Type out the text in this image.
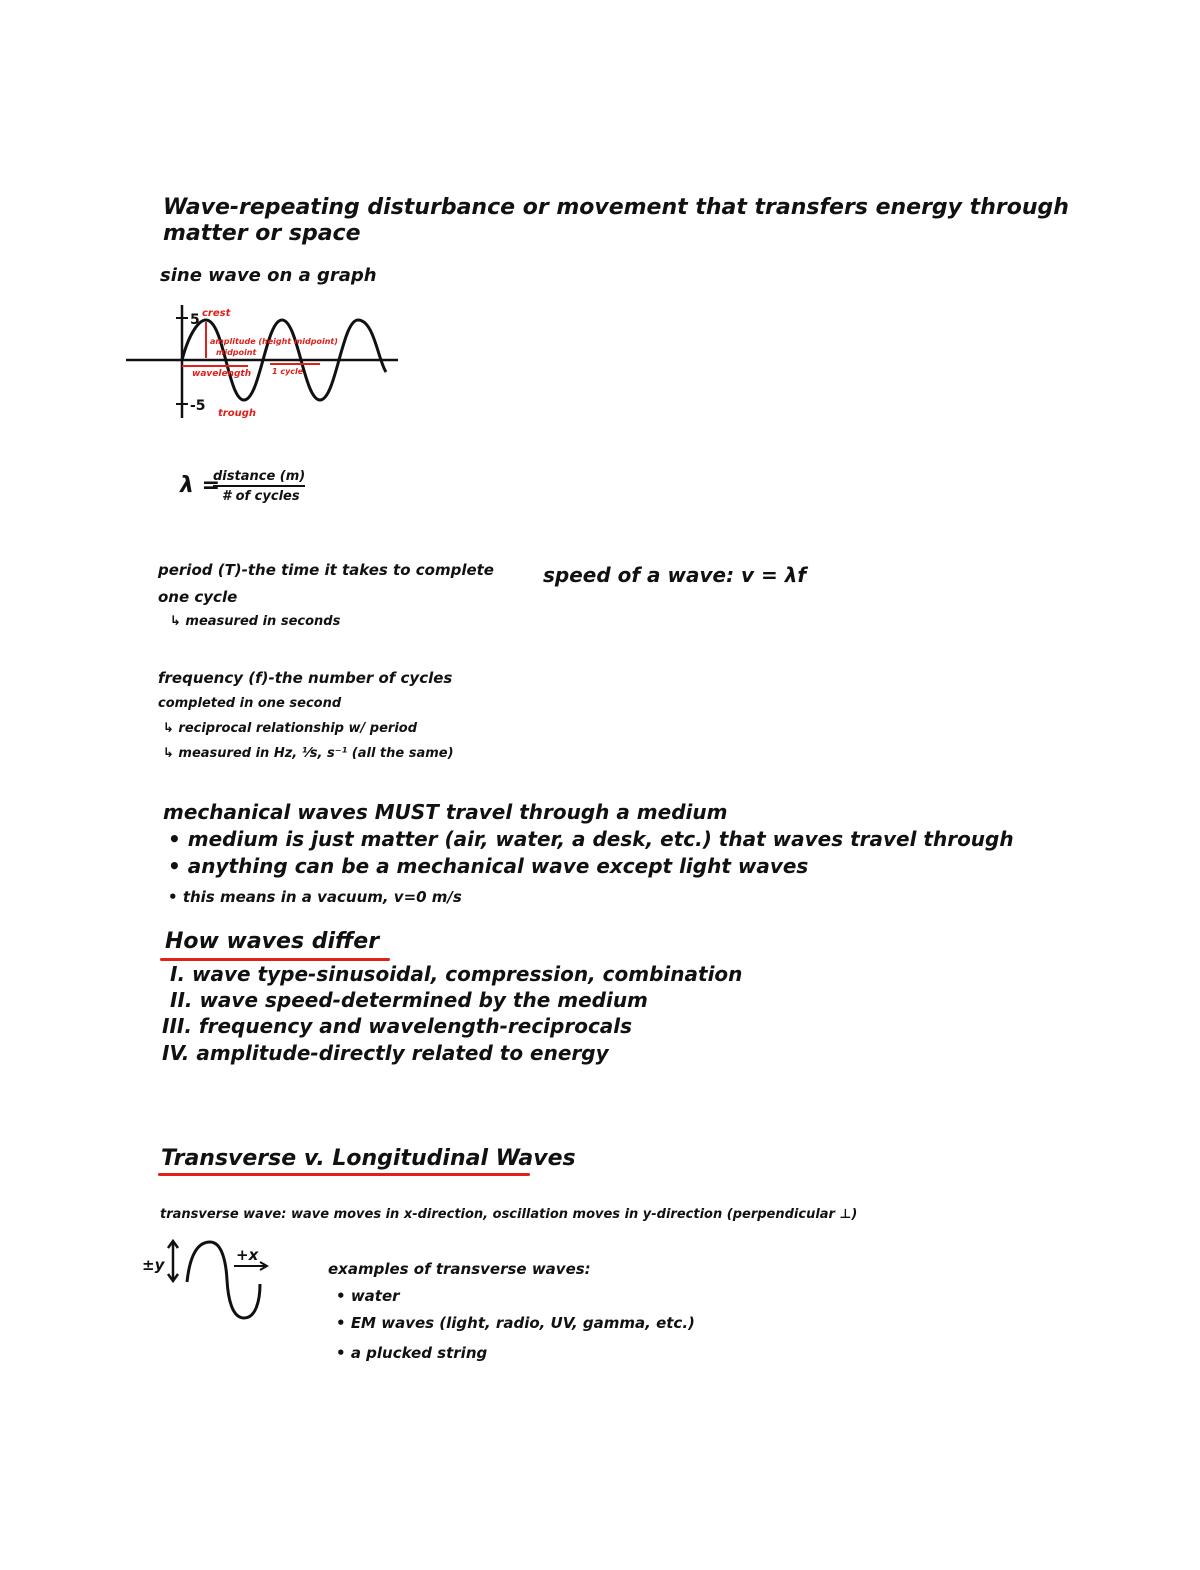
Wave-repeating disturbance or movement that transfers energy through
matter or space
sine wave on a graph
5
-5
crest
amplitude (height midpoint)
midpoint
wavelength	1 cycle
trough
λ =
distance (m)
# of cycles
period (T)-the time it takes to complete
one cycle
↳ measured in seconds
speed of a wave: v = λf
frequency (f)-the number of cycles
completed in one second
↳ reciprocal relationship w/ period
↳ measured in Hz, ⅟s, s⁻¹ (all the same)
mechanical waves MUST travel through a medium
• medium is just matter (air, water, a desk, etc.) that waves travel through
• anything can be a mechanical wave except light waves
• this means in a vacuum, v=0 m/s
How waves differ
I. wave type-sinusoidal, compression, combination
II. wave speed-determined by the medium
III. frequency and wavelength-reciprocals
IV. amplitude-directly related to energy
Transverse v. Longitudinal Waves
transverse wave: wave moves in x-direction, oscillation moves in y-direction (perpendicular ⊥)
±y
+x
examples of transverse waves:
• water
• EM waves (light, radio, UV, gamma, etc.)
• a plucked string
